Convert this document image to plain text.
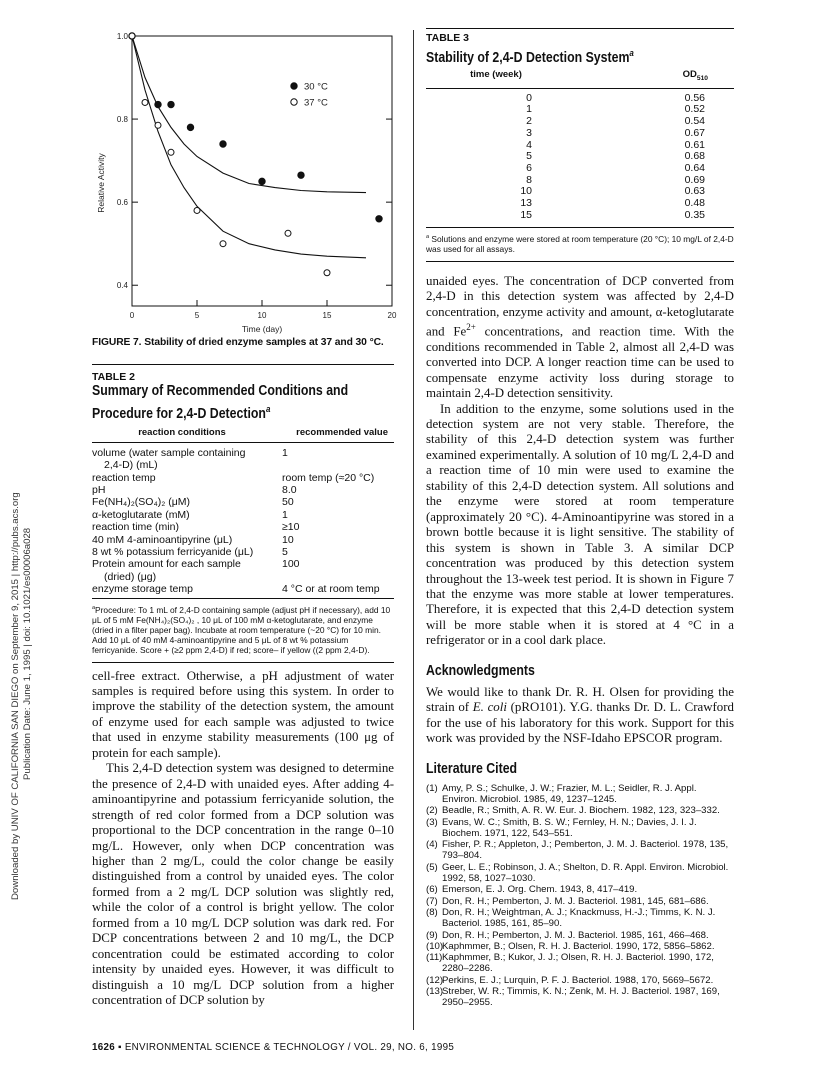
Downloaded by UNIV OF CALIFORNIA SAN DIEGO on September 9, 2015 | http://pubs.acs.org Publication Date: June 1, 1995 | doi: 10.1021/es00006a028
0.4
0.6
0.8
1.0
0	5	10	15	20
Time (day)
Relative Activity
30 °C
37 °C
FIGURE 7. Stability of dried enzyme samples at 37 and 30 °C.
TABLE 2
Summary of Recommended Conditions and Procedure for 2,4-D Detection$^a$
reaction conditions	recommended value
volume (water sample containing	1
2,4-D) (mL)
reaction temp	room temp (≈20 °C)
pH	8.0
Fe(NH₄)₂(SO₄)₂ (μM)	50
α-ketoglutarate (mM)	1
reaction time (min)	≥10
40 mM 4-aminoantipyrine (μL)	10
8 wt % potassium ferricyanide (μL)	5
Protein amount for each sample	100
(dried) (μg)
enzyme storage temp	4 °C or at room temp
$^a$Procedure: To 1 mL of 2,4-D containing sample (adjust pH if necessary), add 10 μL of 5 mM Fe(NH₄)₂(SO₄)₂ , 10 μL of 100 mM α-ketoglutarate, and enzyme (dried in a filter paper bag). Incubate at room temperature (~20 °C) for 10 min. Add 10 μL of 40 mM 4-aminoantipyrine and 5 μL of 8 wt % potassium ferricyanide. Score + (≥2 ppm 2,4-D) if red; score– if yellow ((2 ppm 2,4-D).

cell-free extract. Otherwise, a pH adjustment of water samples is required before using this system. In order to improve the stability of the detection system, the amount of enzyme used for each sample was adjusted to twice that used in enzyme stability measurements (100 μg of protein for each sample).

This 2,4-D detection system was designed to determine the presence of 2,4-D with unaided eyes. After adding 4-aminoantipyrine and potassium ferricyanide solution, the strength of red color formed from a DCP solution was proportional to the DCP concentration in the range 0–10 mg/L. However, only when DCP concentration was higher than 2 mg/L, could the color change be easily distinguished from a control by unaided eyes. The color formed from a 2 mg/L DCP solution was slightly red, while the color of a control is bright yellow. The color formed from a 10 mg/L DCP solution was dark red. For DCP concentrations between 2 and 10 mg/L, the DCP concentration could be estimated according to color intensity by unaided eyes. However, it was difficult to distinguish a 10 mg/L DCP solution from a higher concentration of DCP solution by

TABLE 3
Stability of 2,4-D Detection System$^a$
time (week)	$OD_{510}$
0	0.56
1	0.52
2	0.54
3	0.67
4	0.61
5	0.68
6	0.64
8	0.69
10	0.63
13	0.48
15	0.35
$^a$ Solutions and enzyme were stored at room temperature (20 °C); 10 mg/L of 2,4-D was used for all assays.

unaided eyes. The concentration of DCP converted from 2,4-D in this detection system was affected by 2,4-D concentration, enzyme activity and amount, α-ketoglutarate and $Fe^{2+}$ concentrations, and reaction time. With the conditions recommended in Table 2, almost all 2,4-D was converted into DCP. A longer reaction time can be used to compensate enzyme activity loss during storage to maintain 2,4-D detection sensitivity.

In addition to the enzyme, some solutions used in the detection system are not very stable. Therefore, the stability of this 2,4-D detection system was further examined experimentally. A solution of 10 mg/L 2,4-D and a reaction time of 10 min were used to examine the stability of this 2,4-D detection system. All solutions and the enzyme were stored at room temperature (approximately 20 °C). 4-Aminoantipyrine was stored in a brown bottle because it is light sensitive. The stability of this system is shown in Table 3. A similar DCP concentration was produced by this detection system throughout the 13-week test period. It is shown in Figure 7 that the enzyme was more stable at lower temperatures. Therefore, it is expected that this 2,4-D detection system will be more stable when it is stored at 4 °C in a refrigerator or in a cool dark place.

Acknowledgments
We would like to thank Dr. R. H. Olsen for providing the strain of E. coli (pRO101). Y.G. thanks Dr. D. L. Crawford for the use of his laboratory for this work. Support for this work was provided by the NSF-Idaho EPSCOR program.
Literature Cited
(1) Amy, P. S.; Schulke, J. W.; Frazier, M. L.; Seidler, R. J. Appl. Environ. Microbiol. 1985, 49, 1237–1245.
(2) Beadle, R.; Smith, A. R. W. Eur. J. Biochem. 1982, 123, 323–332.
(3) Evans, W. C.; Smith, B. S. W.; Fernley, H. N.; Davies, J. I. J. Biochem. 1971, 122, 543–551.
(4) Fisher, P. R.; Appleton, J.; Pemberton, J. M. J. Bacteriol. 1978, 135, 793–804.
(5) Geer, L. E.; Robinson, J. A.; Shelton, D. R. Appl. Environ. Microbiol. 1992, 58, 1027–1030.
(6) Emerson, E. J. Org. Chem. 1943, 8, 417–419.
(7) Don, R. H.; Pemberton, J. M. J. Bacteriol. 1981, 145, 681–686.
(8) Don, R. H.; Weightman, A. J.; Knackmuss, H.-J.; Timms, K. N. J. Bacteriol. 1985, 161, 85–90.
(9) Don, R. H.; Pemberton, J. M. J. Bacteriol. 1985, 161, 466–468.
(10)
Kaphmmer, B.; Olsen, R. H. J. Bacteriol. 1990, 172, 5856–5862.
(11) Kaphmmer, B.; Kukor, J. J.; Olsen, R. H. J. Bacteriol. 1990, 172, 2280–2286.
(12)
Perkins, E. J.; Lurquin, P. F. J. Bacteriol. 1988, 170, 5669–5672.
(13)
Streber, W. R.; Timmis, K. N.; Zenk, M. H. J. Bacteriol. 1987, 169, 2950–2955.
1626 ▪ ENVIRONMENTAL SCIENCE & TECHNOLOGY / VOL. 29, NO. 6, 1995
